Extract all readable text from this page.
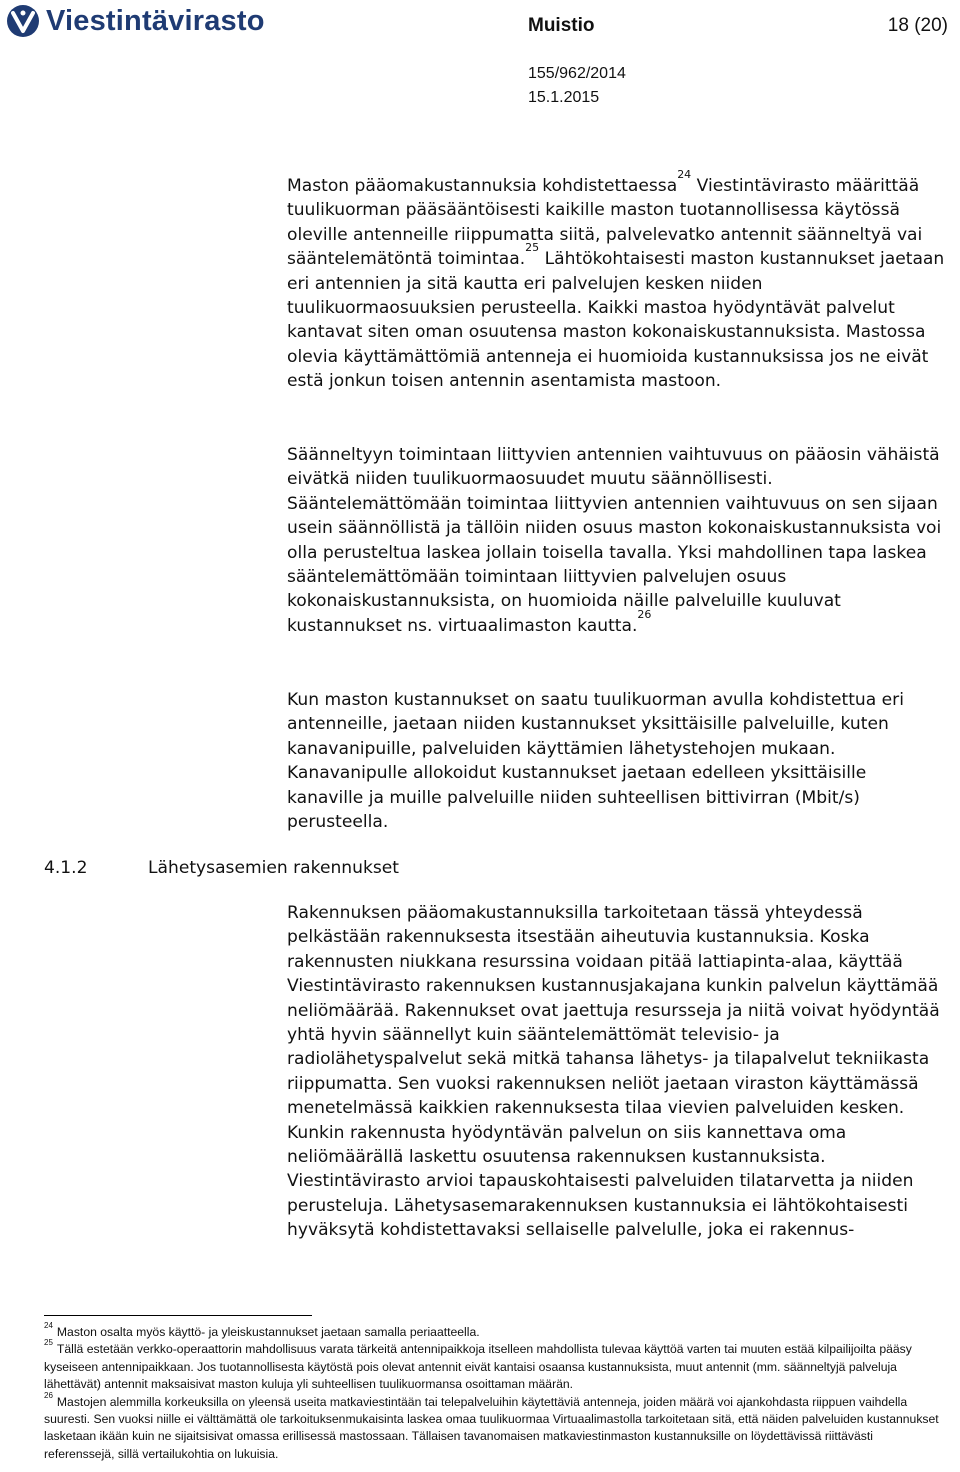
Viestintävirasto	Muistio	18 (20)
155/962/2014
15.1.2015

Maston pääomakustannuksia kohdistettaessa$^{24}$ Viestintävirasto määrittää tuulikuorman pääsääntöisesti kaikille maston tuotannollisessa käytössä oleville antenneille riippumatta siitä, palvelevatko antennit säänneltyä vai sääntelemätöntä toimintaa.$^{25}$ Lähtökohtaisesti maston kustannukset jaetaan eri antennien ja sitä kautta eri palvelujen kesken niiden tuulikuormaosuuksien perusteella. Kaikki mastoa hyödyntävät palvelut kantavat siten oman osuutensa maston kokonaiskustannuksista. Mastossa olevia käyttämättömiä antenneja ei huomioida kustannuksissa jos ne eivät estä jonkun toisen antennin asentamista mastoon.

Säänneltyyn toimintaan liittyvien antennien vaihtuvuus on pääosin vähäistä eivätkä niiden tuulikuormaosuudet muutu säännöllisesti. Sääntelemättömään toimintaa liittyvien antennien vaihtuvuus on sen sijaan usein säännöllistä ja tällöin niiden osuus maston kokonaiskustannuksista voi olla perusteltua laskea jollain toisella tavalla. Yksi mahdollinen tapa laskea sääntelemättömään toimintaan liittyvien palvelujen osuus kokonaiskustannuksista, on huomioida näille palveluille kuuluvat kustannukset ns. virtuaalimaston kautta.$^{26}$

Kun maston kustannukset on saatu tuulikuorman avulla kohdistettua eri antenneille, jaetaan niiden kustannukset yksittäisille palveluille, kuten kanavanipuille, palveluiden käyttämien lähetystehojen mukaan. Kanavanipulle allokoidut kustannukset jaetaan edelleen yksittäisille kanaville ja muille palveluille niiden suhteellisen bittivirran (Mbit/s) perusteella.

4.1.2	Lähetysasemien rakennukset

Rakennuksen pääomakustannuksilla tarkoitetaan tässä yhteydessä pelkästään rakennuksesta itsestään aiheutuvia kustannuksia. Koska rakennusten niukkana resurssina voidaan pitää lattiapinta-alaa, käyttää Viestintävirasto rakennuksen kustannusjakajana kunkin palvelun käyttämää neliömäärää. Rakennukset ovat jaettuja resursseja ja niitä voivat hyödyntää yhtä hyvin säännellyt kuin sääntelemättömät televisio- ja radiolähetyspalvelut sekä mitkä tahansa lähetys- ja tilapalvelut tekniikasta riippumatta. Sen vuoksi rakennuksen neliöt jaetaan viraston käyttämässä menetelmässä kaikkien rakennuksesta tilaa vievien palveluiden kesken. Kunkin rakennusta hyödyntävän palvelun on siis kannettava oma neliömäärällä laskettu osuutensa rakennuksen kustannuksista. Viestintävirasto arvioi tapauskohtaisesti palveluiden tilatarvetta ja niiden perusteluja. Lähetysasemarakennuksen kustannuksia ei lähtökohtaisesti hyväksytä kohdistettavaksi sellaiselle palvelulle, joka ei rakennus-

$^{24}$ Maston osalta myös käyttö- ja yleiskustannukset jaetaan samalla periaatteella.

$^{25}$ Tällä estetään verkko-operaattorin mahdollisuus varata tärkeitä antennipaikkoja itselleen mahdollista tulevaa käyttöä varten tai muuten estää kilpailijoilta pääsy kyseiseen antennipaikkaan. Jos tuotannollisesta käytöstä pois olevat antennit eivät kantaisi osaansa kustannuksista, muut antennit (mm. säänneltyjä palveluja lähettävät) antennit maksaisivat maston kuluja yli suhteellisen tuulikuormansa osoittaman määrän.

$^{26}$ Mastojen alemmilla korkeuksilla on yleensä useita matkaviestintään tai telepalveluihin käytettäviä antenneja, joiden määrä voi ajankohdasta riippuen vaihdella suuresti. Sen vuoksi niille ei välttämättä ole tarkoituksenmukaisinta laskea omaa tuulikuormaa Virtuaalimastolla tarkoitetaan sitä, että näiden palveluiden kustannukset lasketaan ikään kuin ne sijaitsisivat omassa erillisessä mastossaan. Tällaisen tavanomaisen matkaviestinmaston kustannuksille on löydettävissä riittävästi referenssejä, sillä vertailukohtia on lukuisia.
